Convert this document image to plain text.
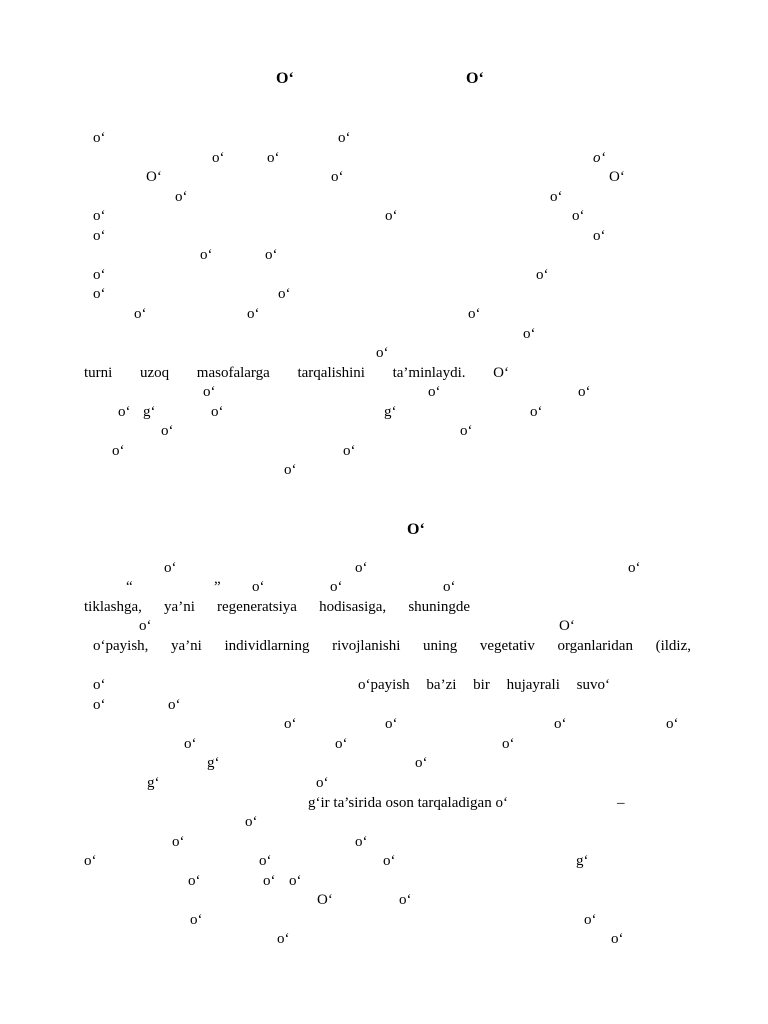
O‘	O‘
o‘	o‘
o‘	o‘	o‘
O‘	o‘	O‘
o‘	o‘
o‘	o‘	o‘
o‘	o‘
o‘	o‘
o‘	o‘
o‘	o‘
o‘	o‘	o‘
o‘
o‘
turni uzoq masofalarga tarqalishini ta’minlaydi. O‘
o‘	o‘	o‘
o‘ g‘	o‘	g‘	o‘
o‘	o‘
o‘	o‘
o‘
O‘
o‘	o‘	o‘
“	” o‘	o‘	o‘
tiklashga, ya’ni regeneratsiya hodisasiga, shuningde
o‘	O‘
o‘payish, ya’ni individlarning rivojlanishi uning vegetativ organlaridan (ildiz,
o‘	o‘payish ba’zi bir hujayrali suvo‘
o‘	o‘
o‘	o‘	o‘	o‘
o‘	o‘	o‘
g‘	o‘
g‘	o‘
g‘ir ta’sirida oson tarqaladigan o‘	–
o‘
o‘	o‘
o‘	o‘	o‘	g‘
o‘	o‘ o‘
O‘	o‘
o‘	o‘
o‘	o‘
